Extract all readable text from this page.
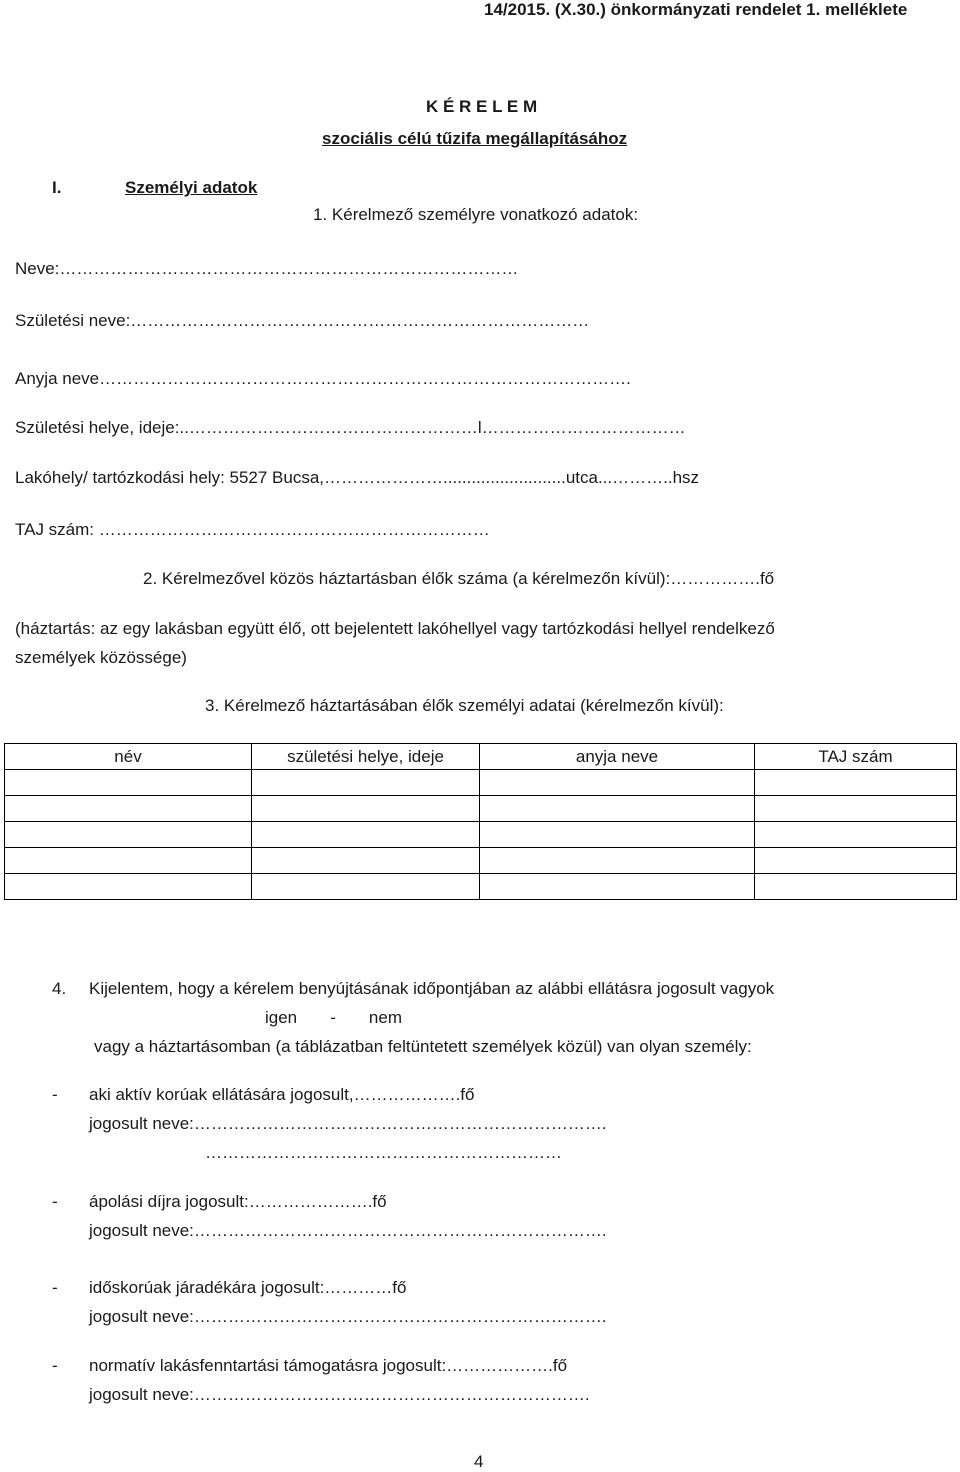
14/2015. (X.30.) önkormányzati rendelet 1. melléklete
K É R E L E M
szociális célú tűzifa megállapításához
I.	Személyi adatok
1. Kérelmező személyre vonatkozó adatok:
Neve:………………………………………………………………………
Születési neve:………………………………………………………………………
Anyja neve………………………………………………………………………………….
Születési helye, ideje:..……………………………………………l………………………………
Lakóhely/ tartózkodási hely: 5527 Bucsa,…………………..........................utca...………..hsz
TAJ szám: ……………………………………………………………
2. Kérelmezővel közös háztartásban élők száma (a kérelmezőn kívül):…………….fő
(háztartás: az egy lakásban együtt élő, ott bejelentett lakóhellyel vagy tartózkodási hellyel rendelkező
személyek közössége)
3. Kérelmező háztartásában élők személyi adatai (kérelmezőn kívül):
név	születési helye, ideje	anyja neve	TAJ szám

4. Kijelentem, hogy a kérelem benyújtásának időpontjában az alábbi ellátásra jogosult vagyok
igen       -       nem
vagy a háztartásomban (a táblázatban feltüntetett személyek közül) van olyan személy:
- aki aktív korúak ellátására jogosult,……………….fő
jogosult neve:……………………………………………………………….
………………………………………………………
- ápolási díjra jogosult:………………….fő
jogosult neve:……………………………………………………………….
- időskorúak járadékára jogosult:…………fő
jogosult neve:……………………………………………………………….
- normatív lakásfenntartási támogatásra jogosult:……………….fő
jogosult neve:…………………………………………………………….
4
